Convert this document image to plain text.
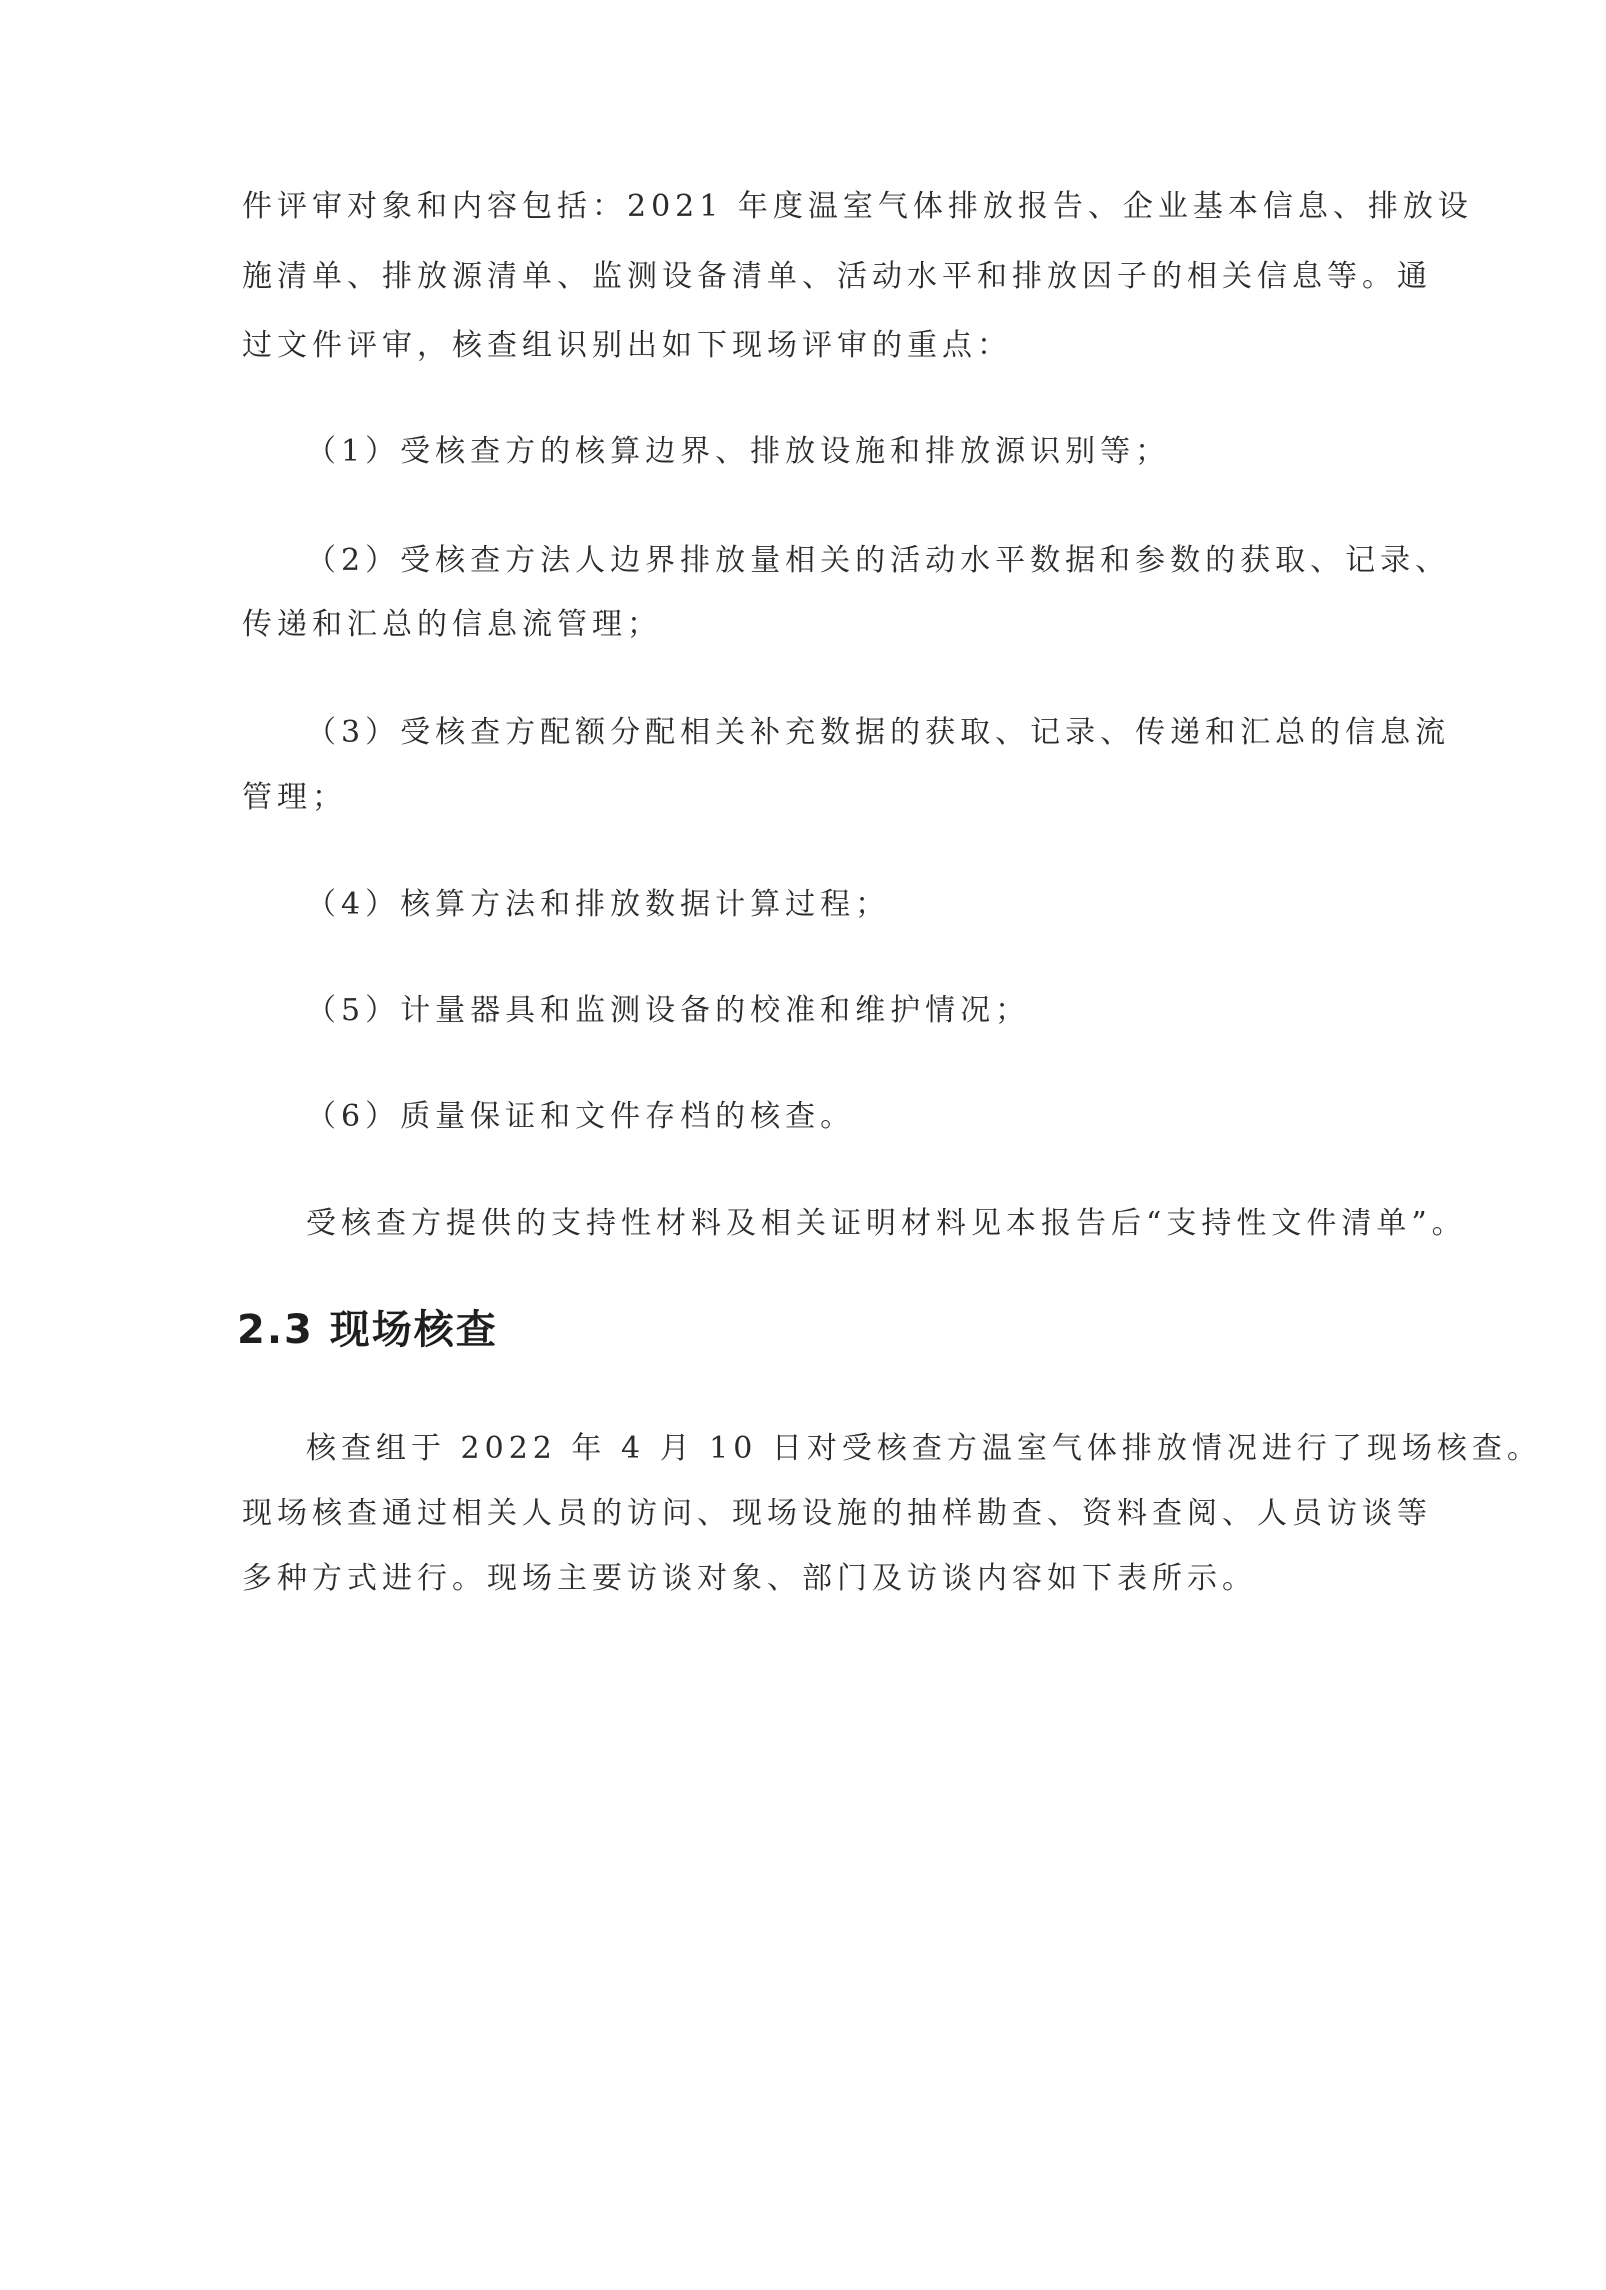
件评审对象和内容包括：2021 年度温室气体排放报告、企业基本信息、排放设
施清单、排放源清单、监测设备清单、活动水平和排放因子的相关信息等。通
过文件评审，核查组识别出如下现场评审的重点：
（1）受核查方的核算边界、排放设施和排放源识别等；
（2）受核查方法人边界排放量相关的活动水平数据和参数的获取、记录、
传递和汇总的信息流管理；
（3）受核查方配额分配相关补充数据的获取、记录、传递和汇总的信息流
管理；
（4）核算方法和排放数据计算过程；
（5）计量器具和监测设备的校准和维护情况；
（6）质量保证和文件存档的核查。
受核查方提供的支持性材料及相关证明材料见本报告后“支持性文件清单”。
2.3 现场核查
核查组于 2022 年 4 月 10 日对受核查方温室气体排放情况进行了现场核查。
现场核查通过相关人员的访问、现场设施的抽样勘查、资料查阅、人员访谈等
多种方式进行。现场主要访谈对象、部门及访谈内容如下表所示。
